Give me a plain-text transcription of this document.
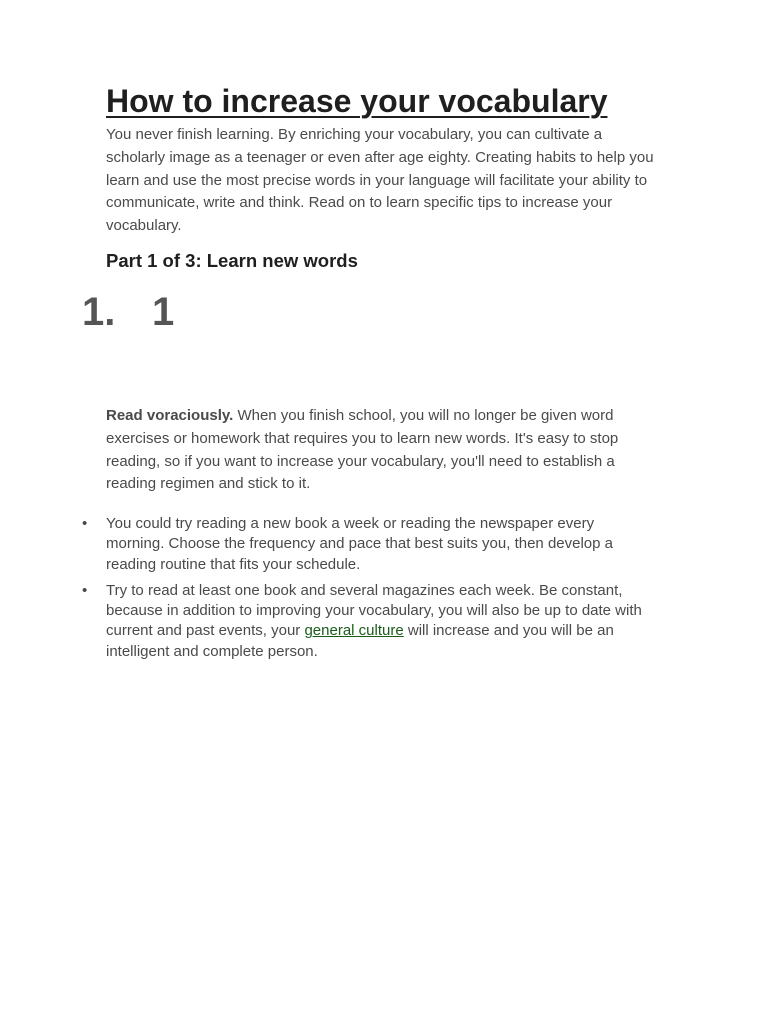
How to increase your vocabulary

You never finish learning. By enriching your vocabulary, you can cultivate a scholarly image as a teenager or even after age eighty. Creating habits to help you learn and use the most precise words in your language will facilitate your ability to communicate, write and think. Read on to learn specific tips to increase your vocabulary.

Part 1 of 3: Learn new words
1. 1

Read voraciously. When you finish school, you will no longer be given word exercises or homework that requires you to learn new words. It's easy to stop reading, so if you want to increase your vocabulary, you'll need to establish a reading regimen and stick to it.

• You could try reading a new book a week or reading the newspaper every morning. Choose the frequency and pace that best suits you, then develop a reading routine that fits your schedule.
• Try to read at least one book and several magazines each week. Be constant, because in addition to improving your vocabulary, you will also be up to date with current and past events, your general culture will increase and you will be an intelligent and complete person.
